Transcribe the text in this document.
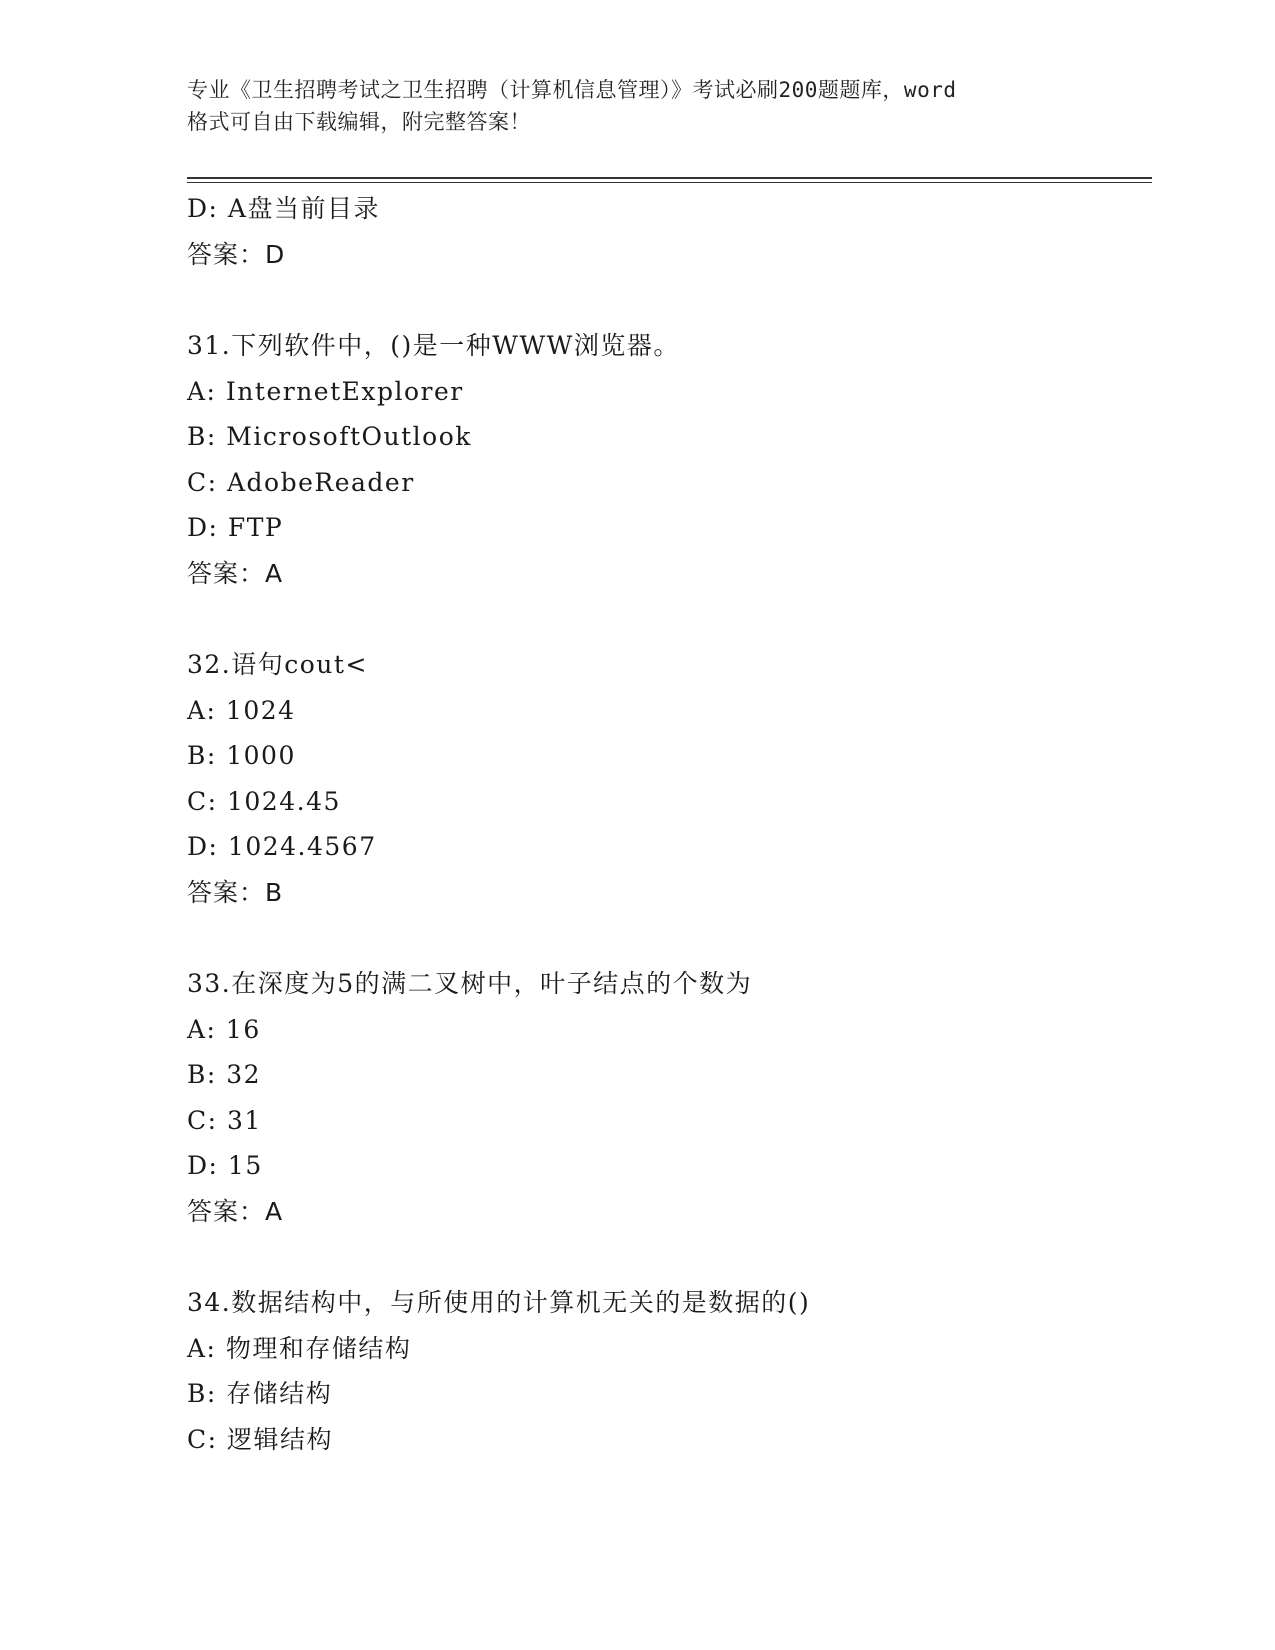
专业《卫生招聘考试之卫生招聘（计算机信息管理）》考试必刷200题题库，word
格式可自由下载编辑，附完整答案！
D: A盘当前目录
答案：D
31.下列软件中，()是一种WWW浏览器。
A: InternetExplorer
B: MicrosoftOutlook
C: AdobeReader
D: FTP
答案：A
32.语句cout<
A: 1024
B: 1000
C: 1024.45
D: 1024.4567
答案：B
33.在深度为5的满二叉树中，叶子结点的个数为
A: 16
B: 32
C: 31
D: 15
答案：A
34.数据结构中，与所使用的计算机无关的是数据的()
A: 物理和存储结构
B: 存储结构
C: 逻辑结构
